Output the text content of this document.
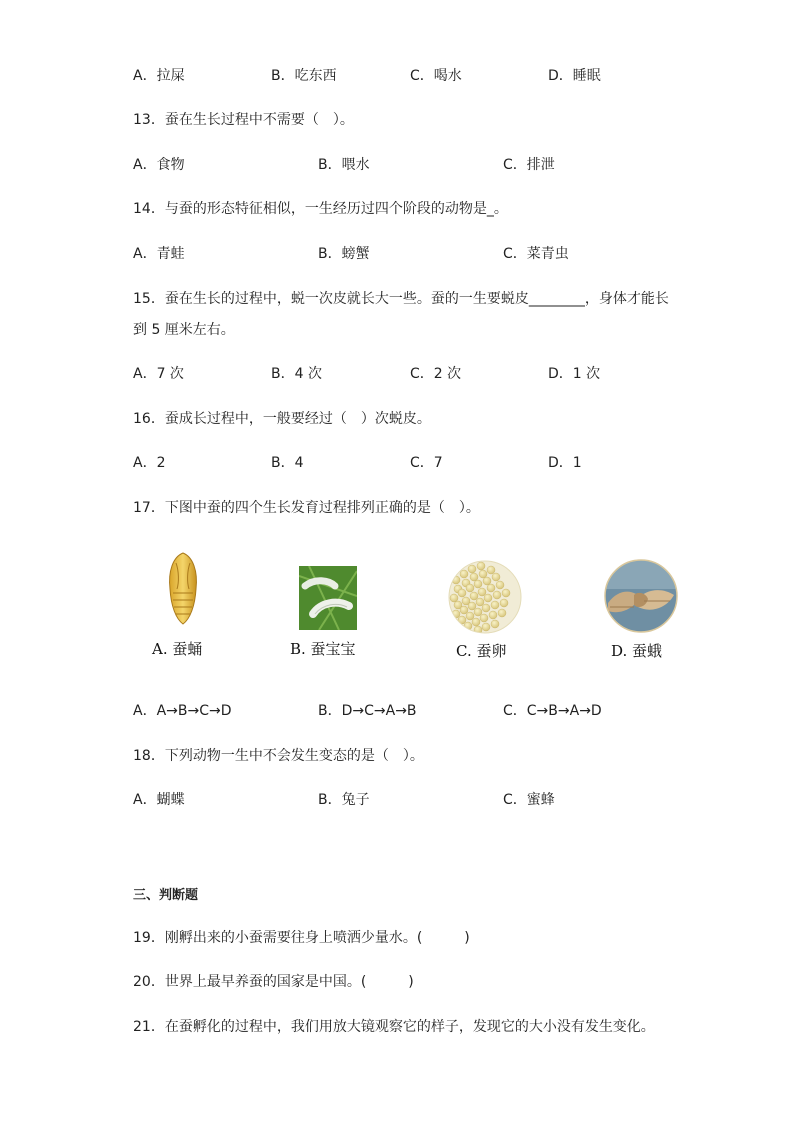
A．拉屎	B．吃东西	C．喝水	D．睡眠
13．蚕在生长过程中不需要（　）。
A．食物	B．喂水	C．排泄
14．与蚕的形态特征相似，一生经历过四个阶段的动物是_。
A．青蛙	B．螃蟹	C．菜青虫
15．蚕在生长的过程中，蜕一次皮就长大一些。蚕的一生要蜕皮________，身体才能长
到 5 厘米左右。
A．7 次	B．4 次	C．2 次	D．1 次
16．蚕成长过程中，一般要经过（　）次蜕皮。
A．2	B．4	C．7	D．1
17．下图中蚕的四个生长发育过程排列正确的是（　）。
A. 蚕蛹	B. 蚕宝宝	C. 蚕卵	D. 蚕蛾
A．A→B→C→D	B．D→C→A→B	C．C→B→A→D
18．下列动物一生中不会发生变态的是（　）。
A．蝴蝶	B．兔子	C．蜜蜂
三、判断题
19．刚孵出来的小蚕需要往身上喷洒少量水。(　　　)
20．世界上最早养蚕的国家是中国。(　　　)
21．在蚕孵化的过程中，我们用放大镜观察它的样子，发现它的大小没有发生变化。
